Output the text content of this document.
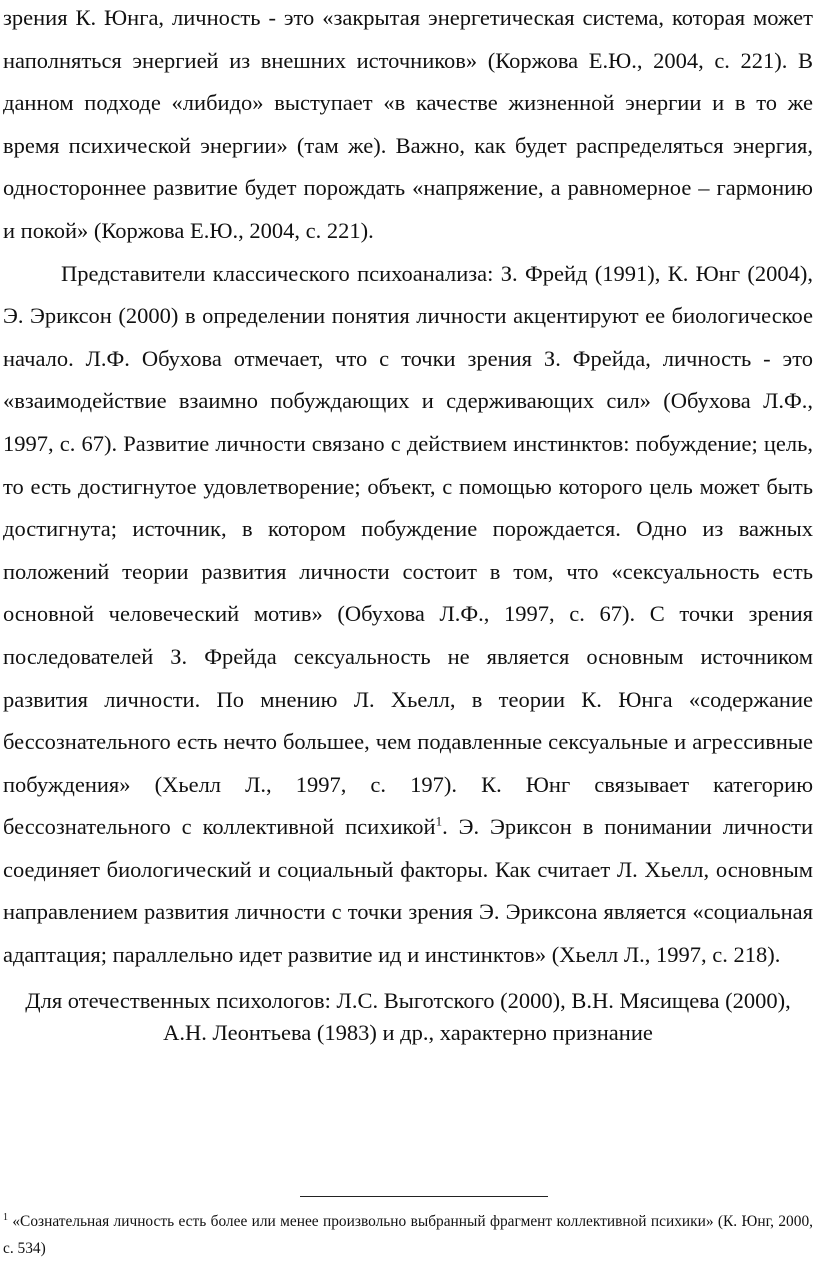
зрения К. Юнга, личность - это «закрытая энергетическая система, которая может наполняться энергией из внешних источников» (Коржова Е.Ю., 2004, с. 221). В данном подходе «либидо» выступает «в качестве жизненной энергии и в то же время психической энергии» (там же). Важно, как будет распределяться энергия, одностороннее развитие будет порождать «напряжение, а равномерное – гармонию и покой» (Коржова Е.Ю., 2004, с. 221).

Представители классического психоанализа: З. Фрейд (1991), К. Юнг (2004), Э. Эриксон (2000) в определении понятия личности акцентируют ее биологическое начало. Л.Ф. Обухова отмечает, что с точки зрения З. Фрейда, личность - это «взаимодействие взаимно побуждающих и сдерживающих сил» (Обухова Л.Ф., 1997, с. 67). Развитие личности связано с действием инстинктов: побуждение; цель, то есть достигнутое удовлетворение; объект, с помощью которого цель может быть достигнута; источник, в котором побуждение порождается. Одно из важных положений теории развития личности состоит в том, что «сексуальность есть основной человеческий мотив» (Обухова Л.Ф., 1997, с. 67). С точки зрения последователей З. Фрейда сексуальность не является основным источником развития личности. По мнению Л. Хьелл, в теории К. Юнга «содержание бессознательного есть нечто большее, чем подавленные сексуальные и агрессивные побуждения» (Хьелл Л., 1997, с. 197). К. Юнг связывает категорию бессознательного с коллективной психикой$^1$. Э. Эриксон в понимании личности соединяет биологический и социальный факторы. Как считает Л. Хьелл, основным направлением развития личности с точки зрения Э. Эриксона является «социальная адаптация; параллельно идет развитие ид и инстинктов» (Хьелл Л., 1997, с. 218).

Для отечественных психологов: Л.С. Выготского (2000), В.Н. Мясищева (2000), А.Н. Леонтьева (1983) и др., характерно признание

$^1$ «Сознательная личность есть более или менее произвольно выбранный фрагмент коллективной психики» (К. Юнг, 2000, с. 534)
